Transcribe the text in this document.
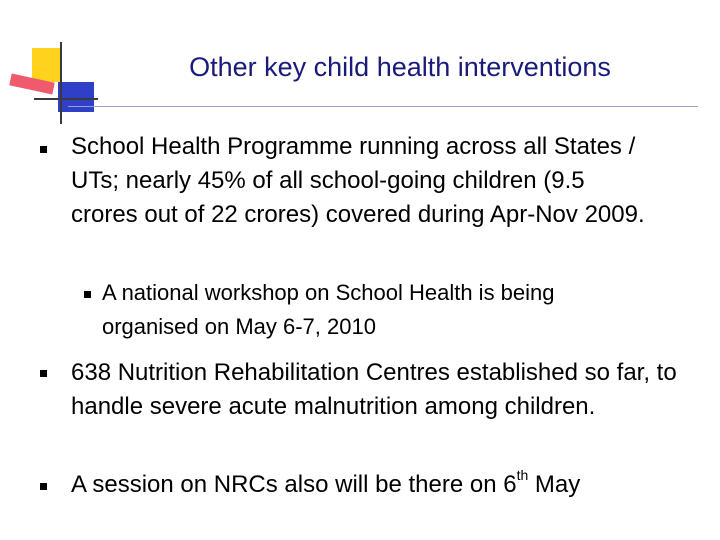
Other key child health interventions
School Health Programme running across all States / UTs; nearly 45% of all school-going children (9.5 crores out of 22 crores) covered during Apr-Nov 2009.
A national workshop on School Health is being organised on May 6-7, 2010
638 Nutrition Rehabilitation Centres established so far, to handle severe acute malnutrition among children.
A session on NRCs also will be there on 6th May
